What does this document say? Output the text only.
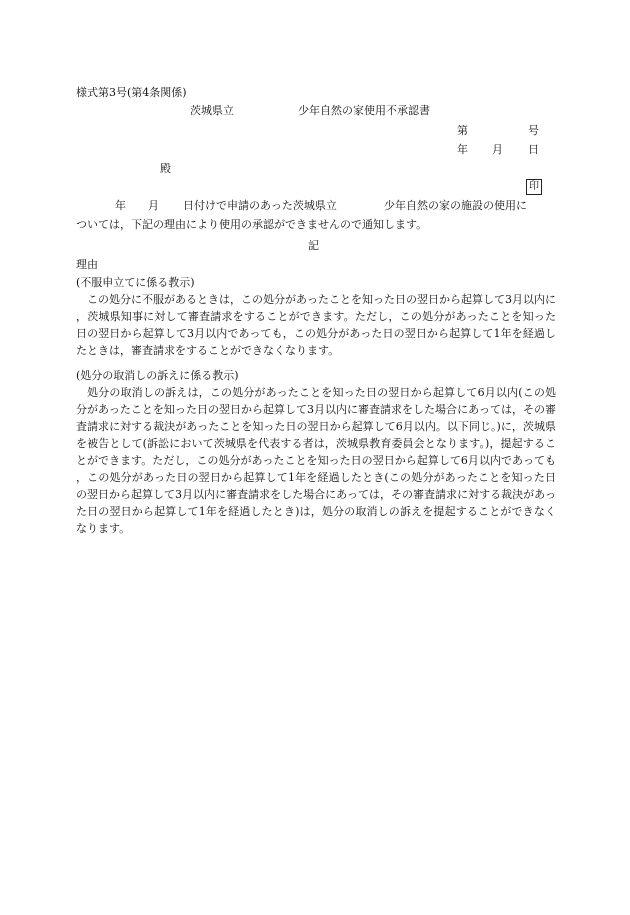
様式第3号(第4条関係)
茨城県立	少年自然の家使用不承認書
第	号
年 月 日
殿
印
年 月 日付けで申請のあった茨城県立	少年自然の家の施設の使用に
ついては，下記の理由により使用の承認ができませんので通知します。
記
理由

(不服申立てに係る教示)

この処分に不服があるときは，この処分があったことを知った日の翌日から起算して3月以内に，茨城県知事に対して審査請求をすることができます。ただし，この処分があったことを知った日の翌日から起算して3月以内であっても，この処分があった日の翌日から起算して1年を経過したときは，審査請求をすることができなくなります。

(処分の取消しの訴えに係る教示)

処分の取消しの訴えは，この処分があったことを知った日の翌日から起算して6月以内(この処分があったことを知った日の翌日から起算して3月以内に審査請求をした場合にあっては，その審査請求に対する裁決があったことを知った日の翌日から起算して6月以内。以下同じ。)に，茨城県を被告として(訴訟において茨城県を代表する者は，茨城県教育委員会となります。)，提起することができます。ただし，この処分があったことを知った日の翌日から起算して6月以内であっても，この処分があった日の翌日から起算して1年を経過したとき(この処分があったことを知った日の翌日から起算して3月以内に審査請求をした場合にあっては，その審査請求に対する裁決があった日の翌日から起算して1年を経過したとき)は，処分の取消しの訴えを提起することができなくなります。
